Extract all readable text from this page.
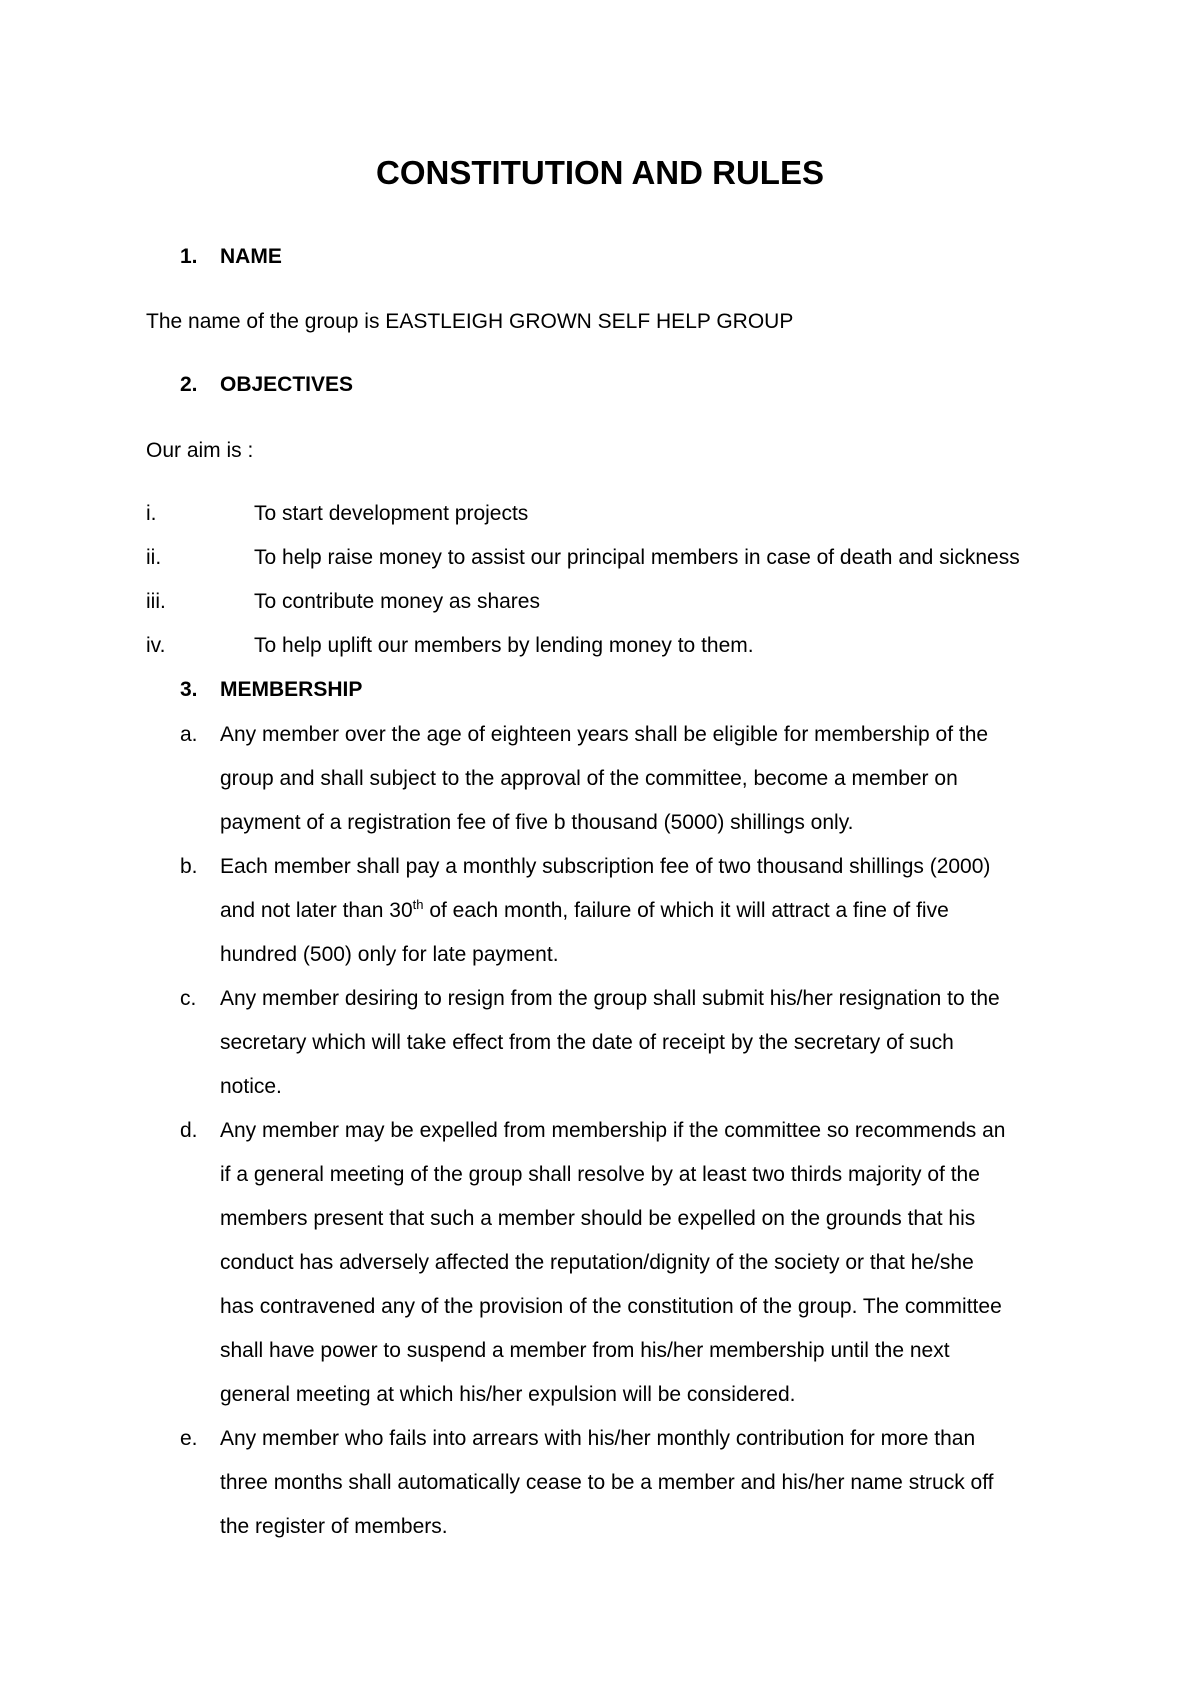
CONSTITUTION AND RULES
1. NAME
The name of the group is EASTLEIGH GROWN SELF HELP GROUP
2. OBJECTIVES
Our aim is :
i.	To start development projects
ii.	To help raise money to assist our principal members in case of death and sickness
iii.	To contribute money as shares
iv.	To help uplift our members by lending money to them.
3. MEMBERSHIP
a. Any member over the age of eighteen years shall be eligible for membership of the
group and shall subject to the approval of the committee, become a member on
payment of a registration fee of five b thousand (5000) shillings only.
b. Each member shall pay a monthly subscription fee of two thousand shillings (2000)
and not later than 30th of each month, failure of which it will attract a fine of five
hundred (500) only for late payment.
c. Any member desiring to resign from the group shall submit his/her resignation to the
secretary which will take effect from the date of receipt by the secretary of such
notice.
d. Any member may be expelled from membership if the committee so recommends an
if a general meeting of the group shall resolve by at least two thirds majority of the
members present that such a member should be expelled on the grounds that his
conduct has adversely affected the reputation/dignity of the society or that he/she
has contravened any of the provision of the constitution of the group. The committee
shall have power to suspend a member from his/her membership until the next
general meeting at which his/her expulsion will be considered.
e. Any member who fails into arrears with his/her monthly contribution for more than
three months shall automatically cease to be a member and his/her name struck off
the register of members.
